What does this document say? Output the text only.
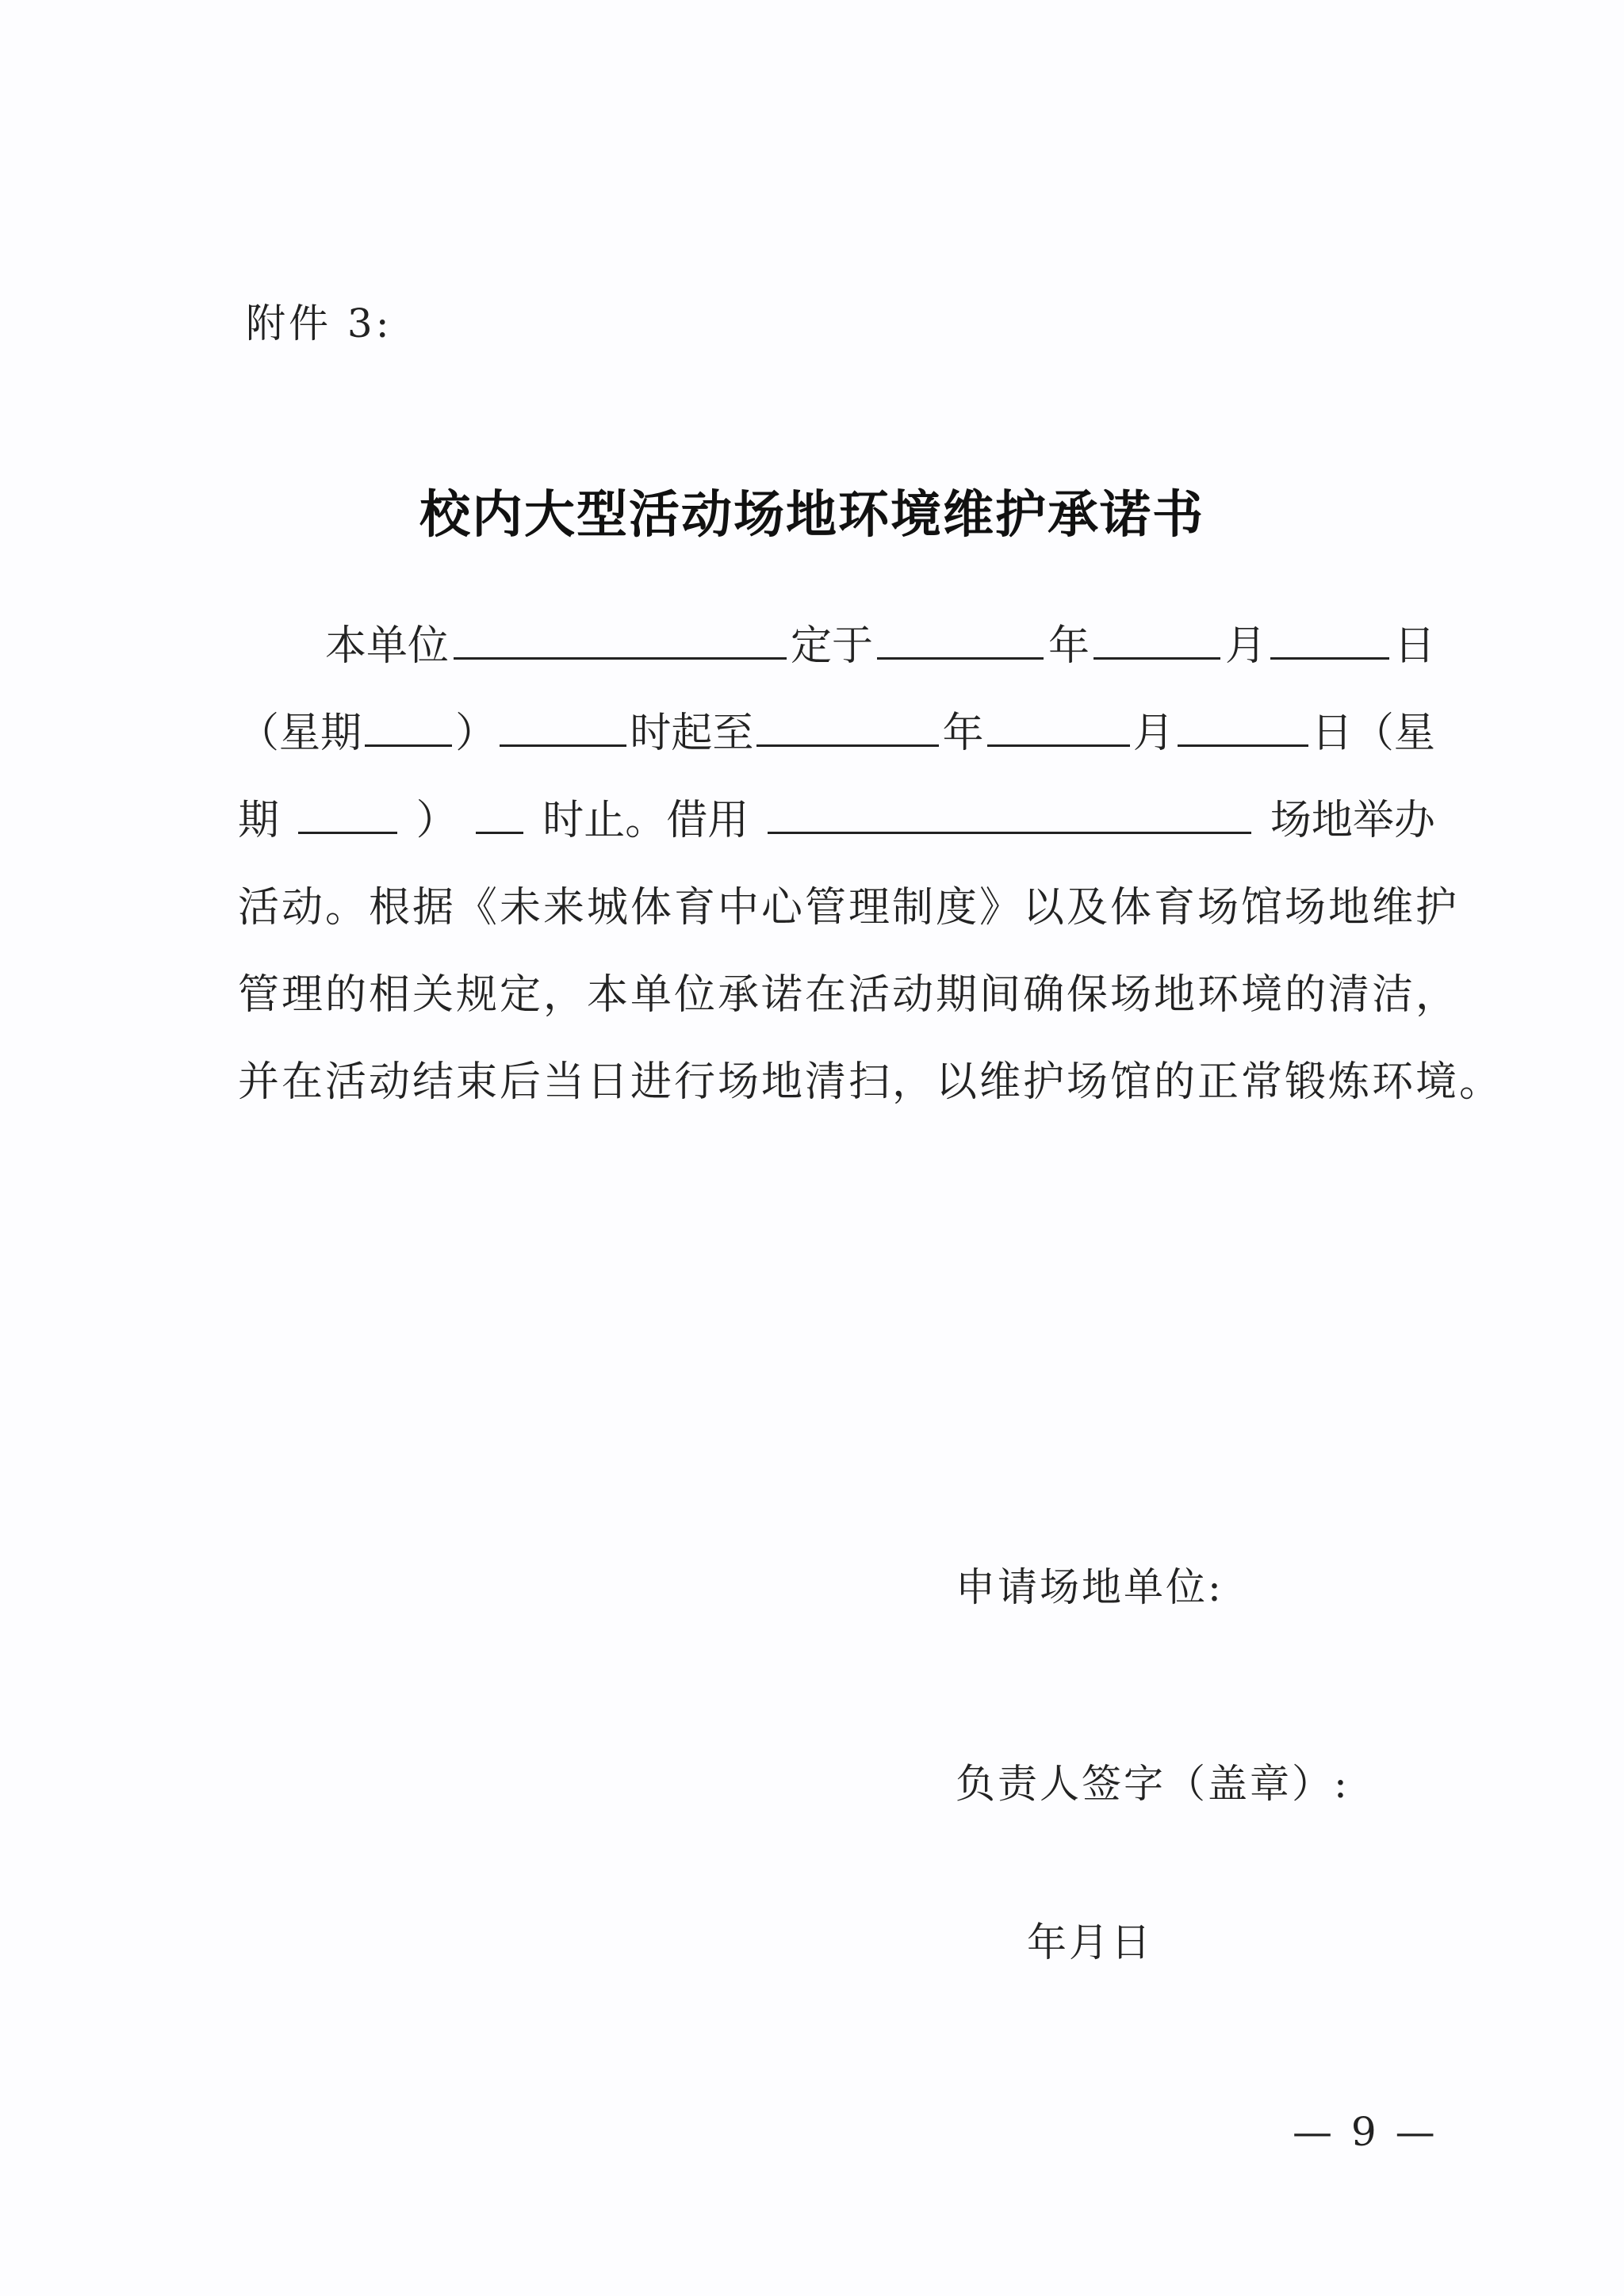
附件 3:
校内大型活动场地环境维护承诺书
本单位	定于	年	月	日
（星期 ）	时起至	年	月	日（星
期	） 时止。借用	场地举办
活动。根据《未来城体育中心管理制度》以及体育场馆场地维护
管理的相关规定，本单位承诺在活动期间确保场地环境的清洁，
并在活动结束后当日进行场地清扫，以维护场馆的正常锻炼环境。
申请场地单位:
负责人签字（盖章）:
年月日
— 9 —
